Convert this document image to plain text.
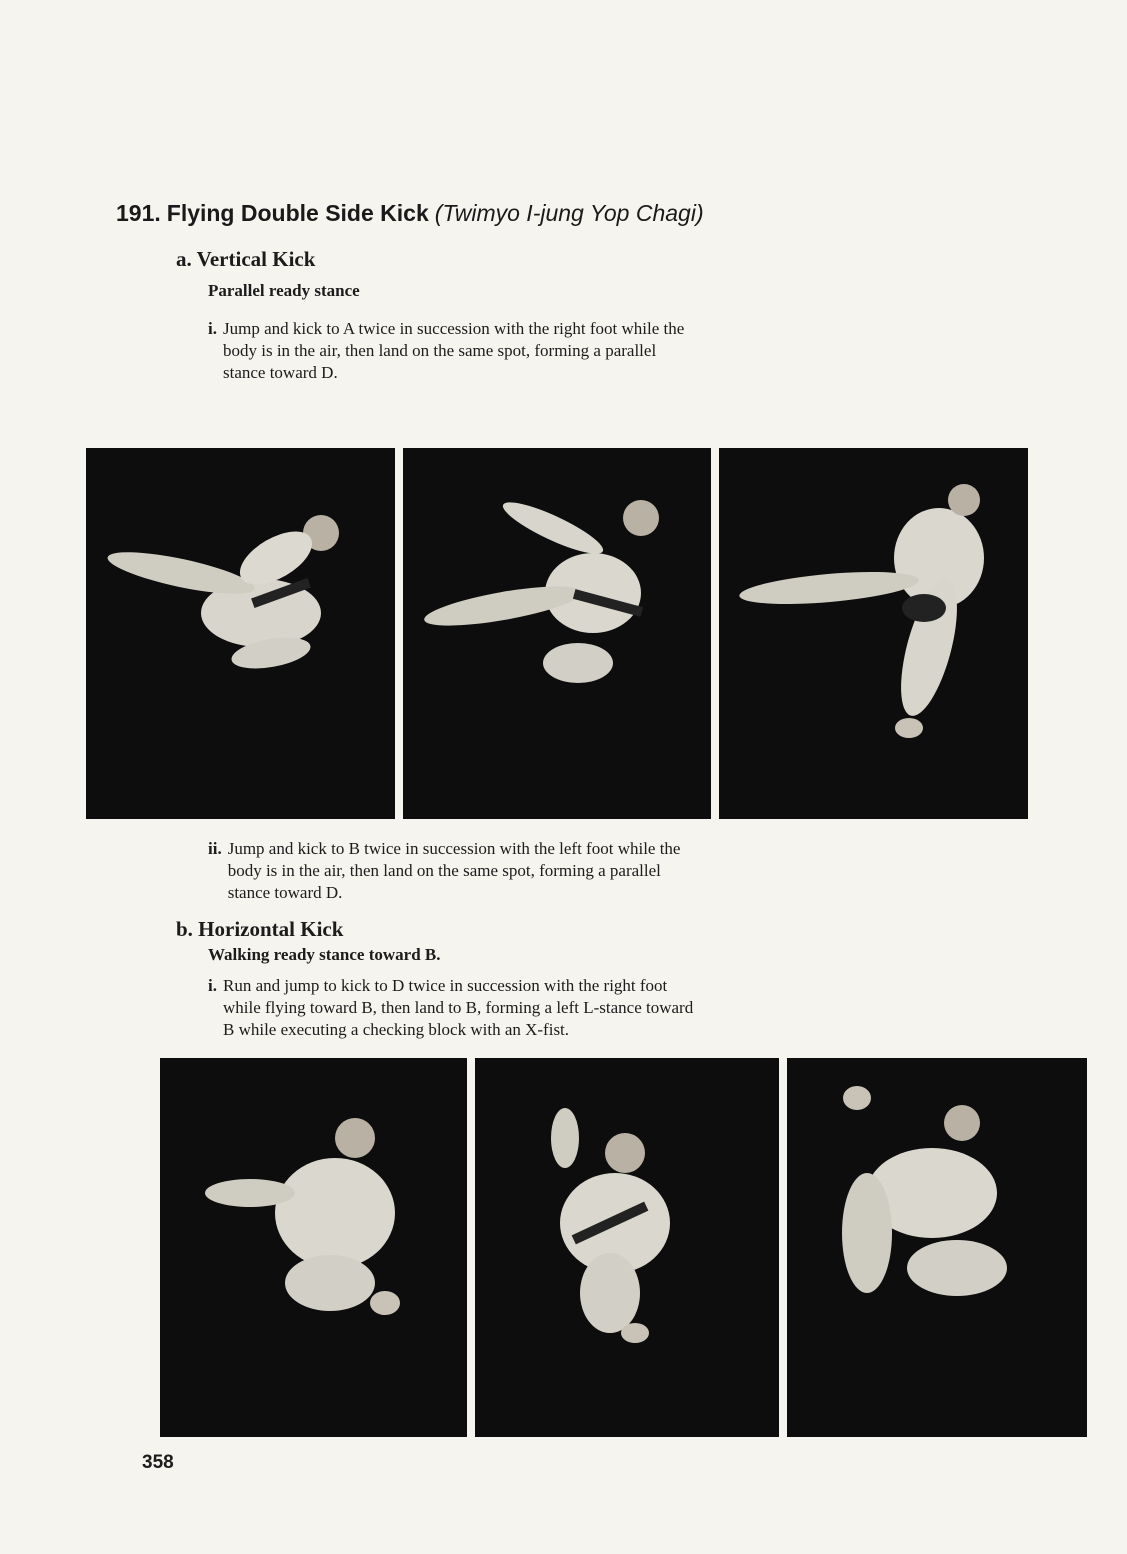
191. Flying Double Side Kick (Twimyo I-jung Yop Chagi)
a. Vertical Kick
Parallel ready stance
i. Jump and kick to A twice in succession with the right foot while the
body is in the air, then land on the same spot, forming a parallel
stance toward D.
ii. Jump and kick to B twice in succession with the left foot while the
body is in the air, then land on the same spot, forming a parallel
stance toward D.
b. Horizontal Kick
Walking ready stance toward B.
i. Run and jump to kick to D twice in succession with the right foot
while flying toward B, then land to B, forming a left L-stance toward
B while executing a checking block with an X-fist.
358
